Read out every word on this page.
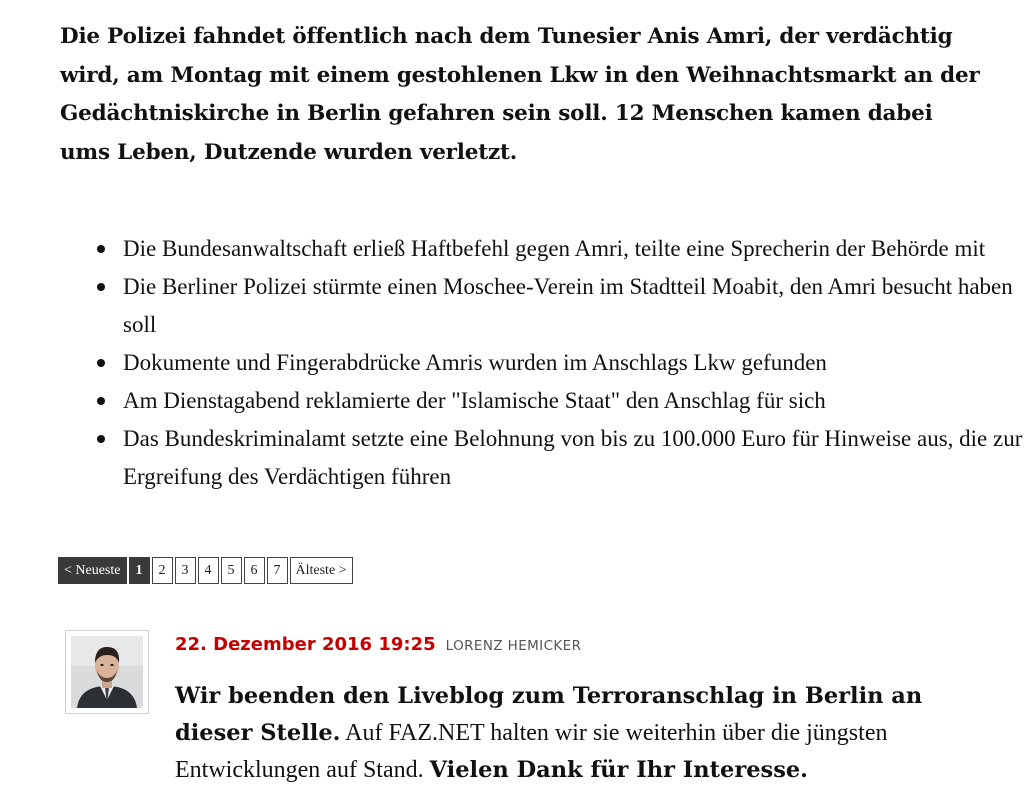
Die Polizei fahndet öffentlich nach dem Tunesier Anis Amri, der verdächtig wird, am Montag mit einem gestohlenen Lkw in den Weihnachtsmarkt an der Gedächtniskirche in Berlin gefahren sein soll. 12 Menschen kamen dabei ums Leben, Dutzende wurden verletzt.

Die Bundesanwaltschaft erließ Haftbefehl gegen Amri, teilte eine Sprecherin der Behörde mit
Die Berliner Polizei stürmte einen Moschee-Verein im Stadtteil Moabit, den Amri besucht haben soll
Dokumente und Fingerabdrücke Amris wurden im Anschlags Lkw gefunden
Am Dienstagabend reklamierte der "Islamische Staat" den Anschlag für sich
Das Bundeskriminalamt setzte eine Belohnung von bis zu 100.000 Euro für Hinweise aus, die zur Ergreifung des Verdächtigen führen
< Neueste	1	2	3	4	5	6	7	Älteste >
22. Dezember 2016 19:25 LORENZ HEMICKER

Wir beenden den Liveblog zum Terroranschlag in Berlin an dieser Stelle. Auf FAZ.NET halten wir sie weiterhin über die jüngsten Entwicklungen auf Stand. Vielen Dank für Ihr Interesse.
